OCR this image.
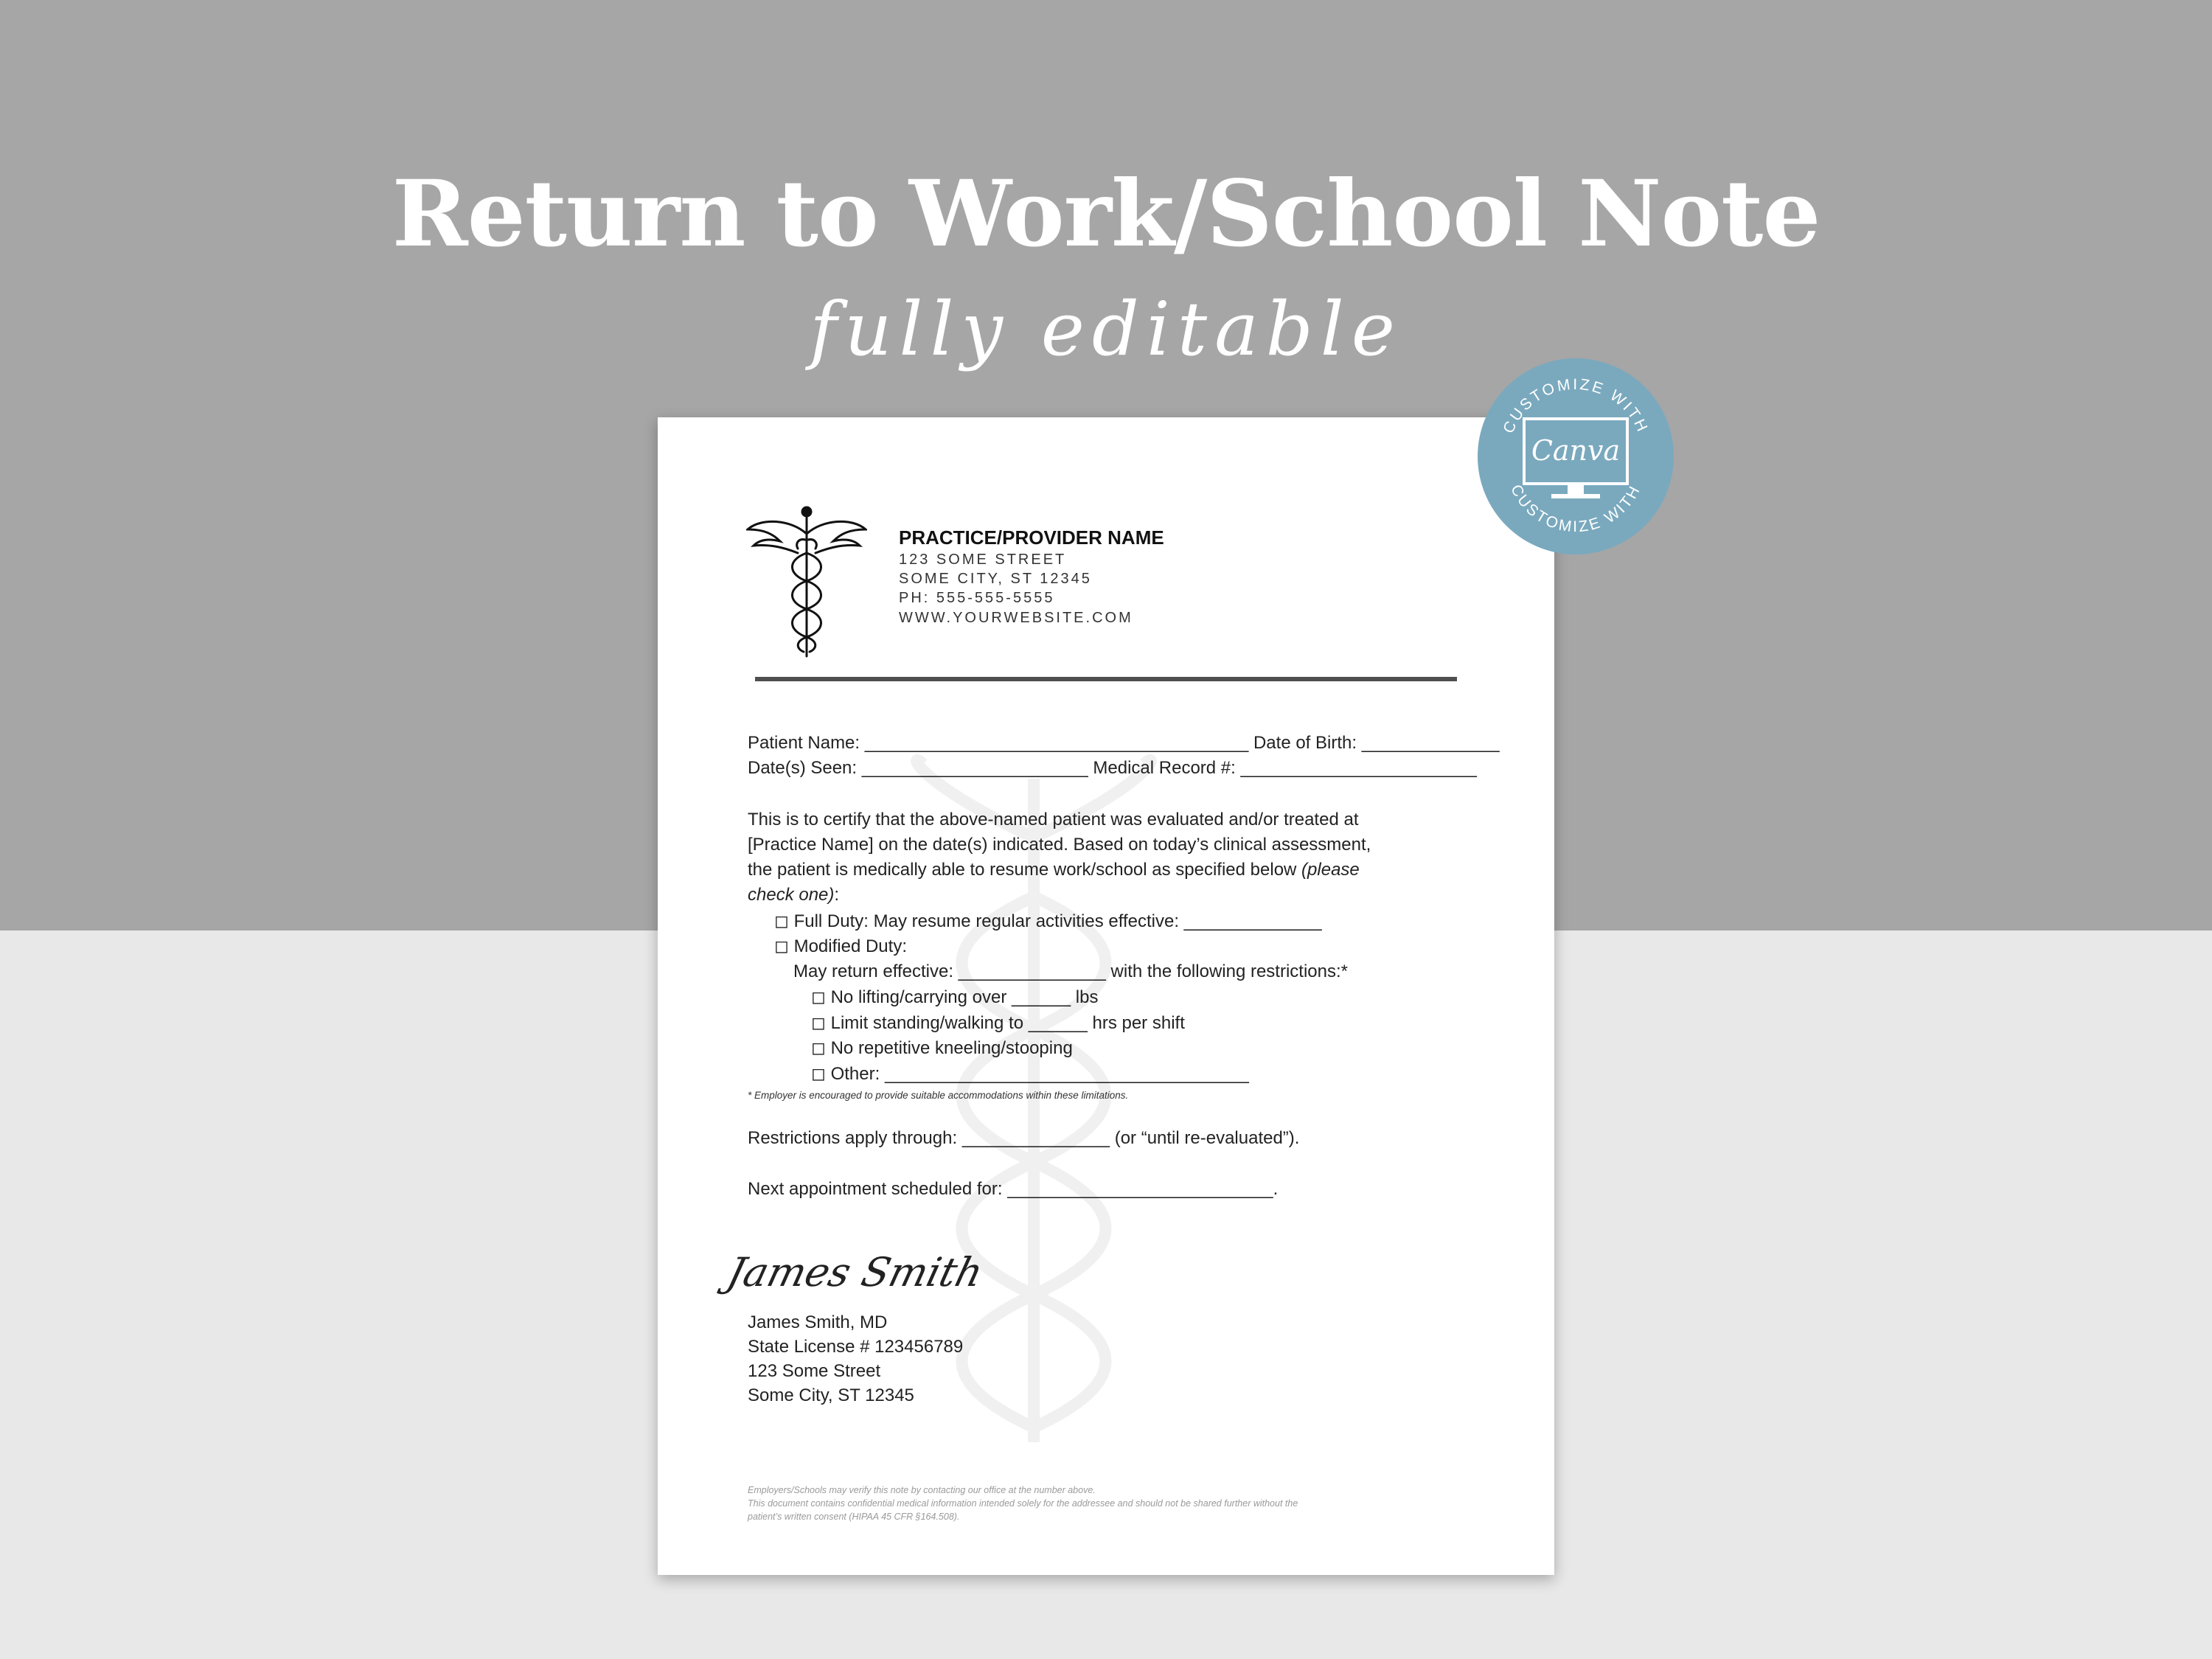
Return to Work/School Note
fully editable
PRACTICE/PROVIDER NAME
123 SOME STREET
SOME CITY, ST 12345
PH: 555-555-5555
WWW.YOURWEBSITE.COM
Patient Name: _______________________________________ Date of Birth: ______________
Date(s) Seen: _______________________ Medical Record #: ________________________
This is to certify that the above-named patient was evaluated and/or treated at
[Practice Name] on the date(s) indicated. Based on today’s clinical assessment,
the patient is medically able to resume work/school as specified below (please
check one):
◻ Full Duty: May resume regular activities effective: ______________
◻ Modified Duty:
May return effective: _______________ with the following restrictions:*
◻ No lifting/carrying over ______ lbs
◻ Limit standing/walking to ______ hrs per shift
◻ No repetitive kneeling/stooping
◻ Other: _____________________________________
* Employer is encouraged to provide suitable accommodations within these limitations.
Restrictions apply through: _______________ (or “until re-evaluated”).
Next appointment scheduled for: ___________________________.
James Smith
James Smith, MD
State License # 123456789
123 Some Street
Some City, ST 12345
Employers/Schools may verify this note by contacting our office at the number above.
This document contains confidential medical information intended solely for the addressee and should not be shared further without the
patient’s written consent (HIPAA 45 CFR §164.508).
CUSTOMIZE WITH
CUSTOMIZE WITH
Canva
